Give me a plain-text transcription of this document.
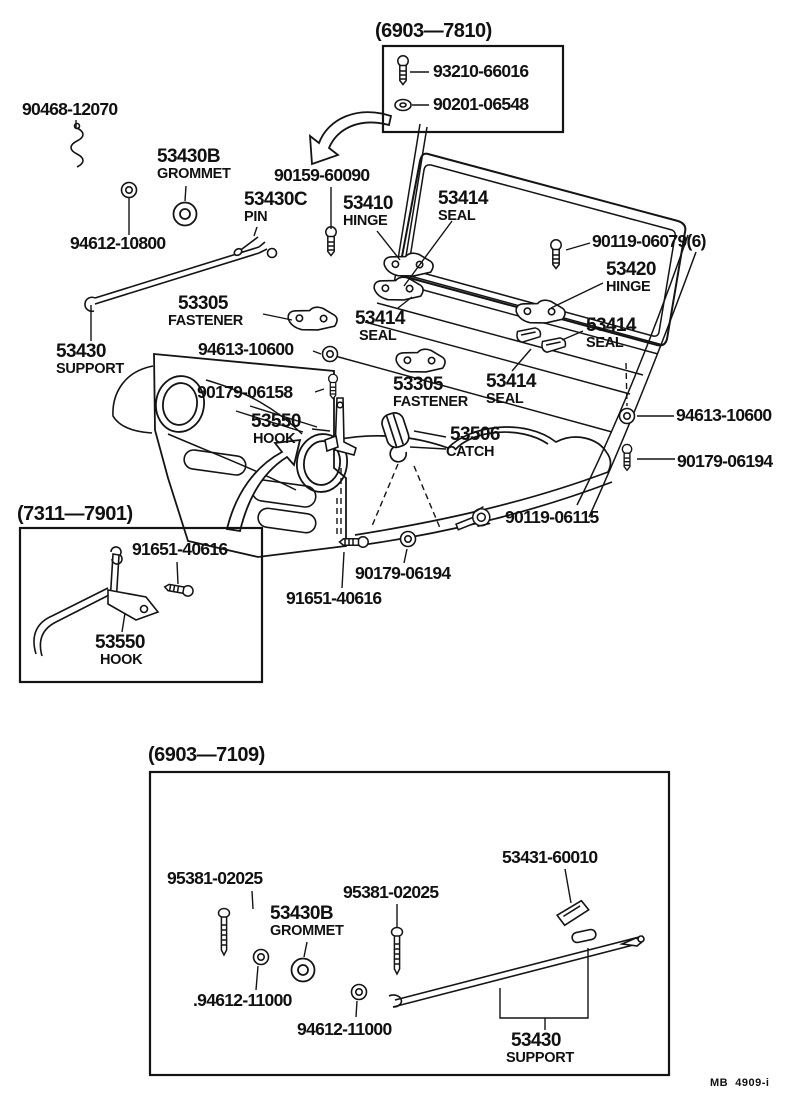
(6903—7810)
(7311—7901)
(6903—7109)
93210-66016
90201-06548
90468-12070
53430B
GROMMET 90159-60090
53430C
PIN
53410
HINGE
53414
SEAL
94612-10800	90119-06079(6)
53420
HINGE
53305
FASTENER	53414
SEAL	53414
SEAL
53430
SUPPORT
94613-10600
90179-06158	53305
FASTENER
53414
SEAL
94613-10600
53550
HOOK	53506
CATCH	90179-06194
90119-06115
90179-06194
91651-40616
91651-40616
53550
HOOK
95381-02025
95381-02025
53430B
GROMMET
53431-60010
.94612-11000
94612-11000
53430
SUPPORT
MB  4909-i
